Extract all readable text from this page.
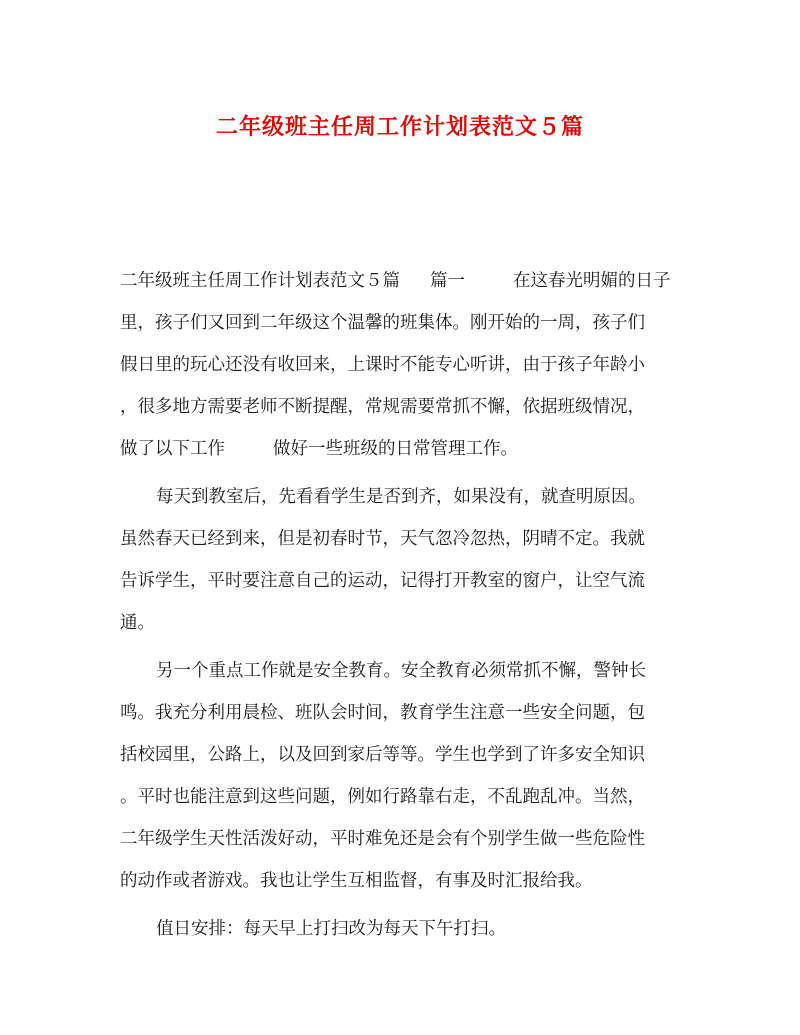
二年级班主任周工作计划表范文５篇
二年级班主任周工作计划表范文５篇 篇一	在这春光明媚的日子
里，孩子们又回到二年级这个温馨的班集体。刚开始的一周，孩子们
假日里的玩心还没有收回来，上课时不能专心听讲，由于孩子年龄小
，很多地方需要老师不断提醒，常规需要常抓不懈，依据班级情况，
做了以下工作	做好一些班级的日常管理工作。
每天到教室后，先看看学生是否到齐，如果没有，就查明原因。
虽然春天已经到来，但是初春时节，天气忽冷忽热，阴晴不定。我就
告诉学生，平时要注意自己的运动，记得打开教室的窗户，让空气流
通。
另一个重点工作就是安全教育。安全教育必须常抓不懈，警钟长
鸣。我充分利用晨检、班队会时间，教育学生注意一些安全问题，包
括校园里，公路上，以及回到家后等等。学生也学到了许多安全知识
。平时也能注意到这些问题，例如行路靠右走，不乱跑乱冲。当然，
二年级学生天性活泼好动，平时难免还是会有个别学生做一些危险性
的动作或者游戏。我也让学生互相监督，有事及时汇报给我。
值日安排：每天早上打扫改为每天下午打扫。
